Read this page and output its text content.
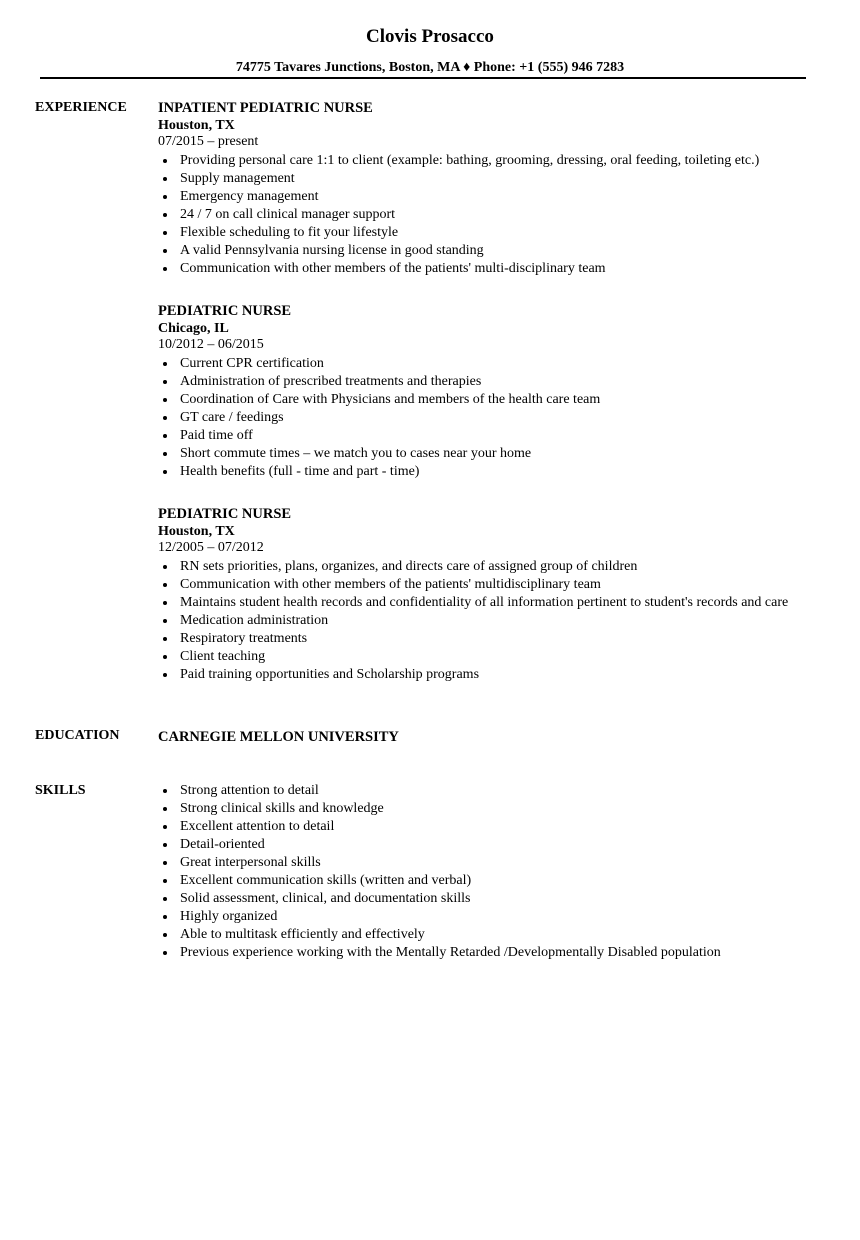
Clovis Prosacco
74775 Tavares Junctions, Boston, MA ♦ Phone: +1 (555) 946 7283
EXPERIENCE INPATIENT PEDIATRIC NURSE
Houston, TX
07/2015 – present
Providing personal care 1:1 to client (example: bathing, grooming, dressing, oral feeding, toileting etc.)
Supply management
Emergency management
24 / 7 on call clinical manager support
Flexible scheduling to fit your lifestyle
A valid Pennsylvania nursing license in good standing
Communication with other members of the patients' multi-disciplinary team
PEDIATRIC NURSE
Chicago, IL
10/2012 – 06/2015
Current CPR certification
Administration of prescribed treatments and therapies
Coordination of Care with Physicians and members of the health care team
GT care / feedings
Paid time off
Short commute times – we match you to cases near your home
Health benefits (full - time and part - time)
PEDIATRIC NURSE
Houston, TX
12/2005 – 07/2012
RN sets priorities, plans, organizes, and directs care of assigned group of children
Communication with other members of the patients' multidisciplinary team
Maintains student health records and confidentiality of all information pertinent to student's records and care
Medication administration
Respiratory treatments
Client teaching
Paid training opportunities and Scholarship programs
EDUCATION	CARNEGIE MELLON UNIVERSITY
SKILLS	Strong attention to detail
Strong clinical skills and knowledge
Excellent attention to detail
Detail-oriented
Great interpersonal skills
Excellent communication skills (written and verbal)
Solid assessment, clinical, and documentation skills
Highly organized
Able to multitask efficiently and effectively
Previous experience working with the Mentally Retarded /Developmentally Disabled population
